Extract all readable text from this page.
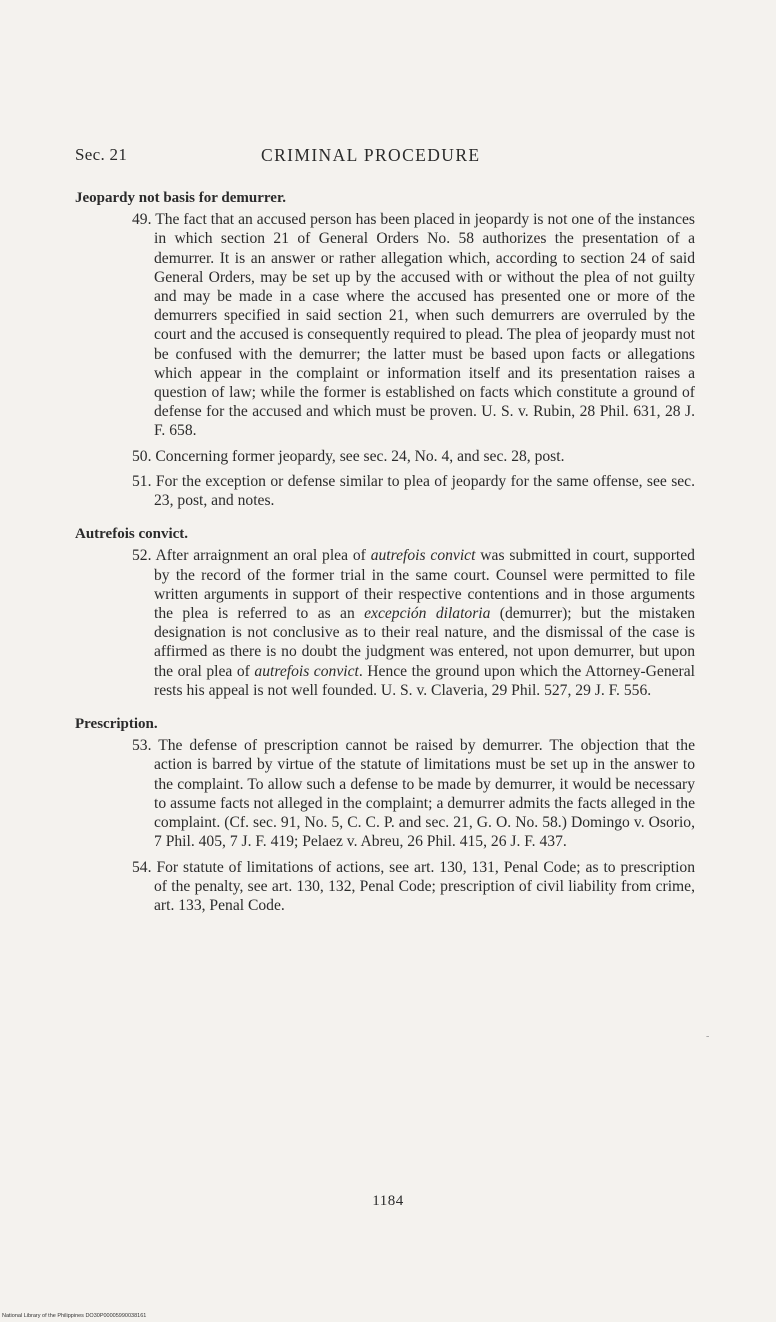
Sec. 21	CRIMINAL PROCEDURE

Jeopardy not basis for demurrer.

49. The fact that an accused person has been placed in jeopardy is not one of the instances in which section 21 of General Orders No. 58 authorizes the presentation of a demurrer. It is an answer or rather allegation which, according to section 24 of said General Orders, may be set up by the accused with or without the plea of not guilty and may be made in a case where the accused has presented one or more of the demurrers specified in said section 21, when such demurrers are overruled by the court and the accused is consequently required to plead. The plea of jeopardy must not be confused with the demurrer; the latter must be based upon facts or allegations which appear in the complaint or information itself and its presentation raises a question of law; while the former is established on facts which constitute a ground of defense for the accused and which must be proven. U. S. v. Rubin, 28 Phil. 631, 28 J. F. 658.

50. Concerning former jeopardy, see sec. 24, No. 4, and sec. 28, post.

51. For the exception or defense similar to plea of jeopardy for the same offense, see sec. 23, post, and notes.

Autrefois convict.

52. After arraignment an oral plea of autrefois convict was submitted in court, supported by the record of the former trial in the same court. Counsel were permitted to file written arguments in support of their respective contentions and in those arguments the plea is referred to as an excepción dilatoria (demurrer); but the mistaken designation is not conclusive as to their real nature, and the dismissal of the case is affirmed as there is no doubt the judgment was entered, not upon demurrer, but upon the oral plea of autrefois convict. Hence the ground upon which the Attorney-General rests his appeal is not well founded. U. S. v. Claveria, 29 Phil. 527, 29 J. F. 556.

Prescription.

53. The defense of prescription cannot be raised by demurrer. The objection that the action is barred by virtue of the statute of limitations must be set up in the answer to the complaint. To allow such a defense to be made by demurrer, it would be necessary to assume facts not alleged in the complaint; a demurrer admits the facts alleged in the complaint. (Cf. sec. 91, No. 5, C. C. P. and sec. 21, G. O. No. 58.) Domingo v. Osorio, 7 Phil. 405, 7 J. F. 419; Pelaez v. Abreu, 26 Phil. 415, 26 J. F. 437.

54. For statute of limitations of actions, see art. 130, 131, Penal Code; as to prescription of the penalty, see art. 130, 132, Penal Code; prescription of civil liability from crime, art. 133, Penal Code.

-
1184
National Library of the Philippines DO30P00005990038161
